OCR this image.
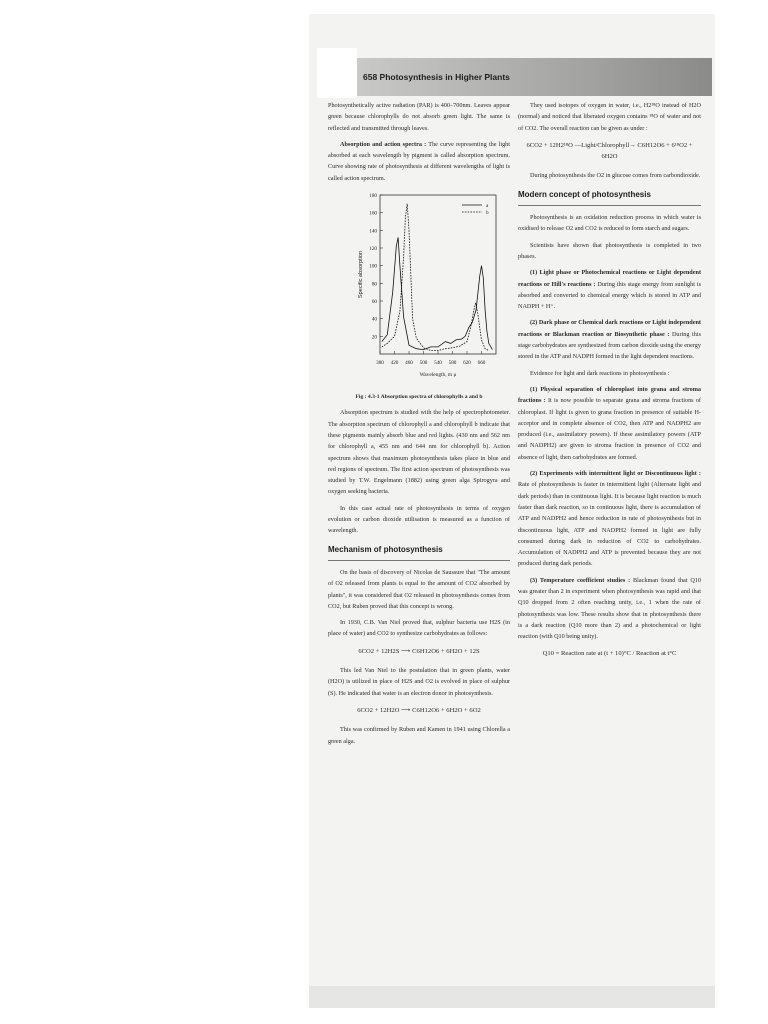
658 Photosynthesis in Higher Plants

Photosynthetically active radiation (PAR) is 400–700nm. Leaves appear green because chlorophylls do not absorb green light. The same is reflected and transmitted through leaves.

Absorption and action spectra : The curve representing the light absorbed at each wavelength by pigment is called absorption spectrum. Curve showing rate of photosynthesis at different wavelengths of light is called action spectrum.

20
40
60
80
100
120
140
160
180
380 420 460 500 540 580 620 660
Wavelength, m μ
Specific absorption
a
b
Fig : 4.3-1 Absorption spectra of chlorophylls a and b

Absorption spectrum is studied with the help of spectrophotometer. The absorption spectrum of chlorophyll a and chlorophyll b indicate that these pigments mainly absorb blue and red lights. (430 nm and 562 nm for chlorophyll a, 455 nm and 644 nm for chlorophyll b). Action spectrum shows that maximum photosynthesis takes place in blue and red regions of spectrum. The first action spectrum of photosynthesis was studied by T.W. Engelmann (1882) using green alga Spirogyra and oxygen seeking bacteria.

In this case actual rate of photosynthesis in terms of oxygen evolution or carbon dioxide utilisation is measured as a function of wavelength.

Mechanism of photosynthesis

On the basis of discovery of Nicolas de Saussure that "The amount of O2 released from plants is equal to the amount of CO2 absorbed by plants", it was considered that O2 released in photosynthesis comes from CO2, but Ruben proved that this concept is wrong.

In 1930, C.B. Van Niel proved that, sulphur bacteria use H2S (in place of water) and CO2 to synthesize carbohydrates as follows:

6CO2 + 12H2S ⟶ C6H12O6 + 6H2O + 12S

This led Van Niel to the postulation that in green plants, water (H2O) is utilized in place of H2S and O2 is evolved in place of sulphur (S). He indicated that water is an electron donor in photosynthesis.

6CO2 + 12H2O ⟶ C6H12O6 + 6H2O + 6O2

This was confirmed by Ruben and Kamen in 1941 using Chlorella a green alga.

They used isotopes of oxygen in water, i.e., H2¹⁸O instead of H2O (normal) and noticed that liberated oxygen contains ¹⁸O of water and not of CO2. The overall reaction can be given as under :

6CO2 + 12H2¹⁸O —Light/Chlorophyll→ C6H12O6 + 6¹⁸O2 + 6H2O

During photosynthesis the O2 in glucose comes from carbondioxide.

Modern concept of photosynthesis

Photosynthesis is an oxidation reduction process in which water is oxidised to release O2 and CO2 is reduced to form starch and sugars.

Scientists have shown that photosynthesis is completed in two phases.

(1) Light phase or Photochemical reactions or Light dependent reactions or Hill's reactions : During this stage energy from sunlight is absorbed and converted to chemical energy which is stored in ATP and NADPH + H⁺.

(2) Dark phase or Chemical dark reactions or Light independent reactions or Blackman reaction or Biosynthetic phase : During this stage carbohydrates are synthesized from carbon dioxide using the energy stored in the ATP and NADPH formed in the light dependent reactions.

Evidence for light and dark reactions in photosynthesis :

(1) Physical separation of chloroplast into grana and stroma fractions : It is now possible to separate grana and stroma fractions of chloroplast. If light is given to grana fraction in presence of suitable H-acceptor and in complete absence of CO2, then ATP and NADPH2 are produced (i.e., assimilatory powers). If these assimilatory powers (ATP and NADPH2) are given to stroma fraction in presence of CO2 and absence of light, then carbohydrates are formed.

(2) Experiments with intermittent light or Discontinuous light : Rate of photosynthesis is faster in intermittent light (Alternate light and dark periods) than in continuous light. It is because light reaction is much faster than dark reaction, so in continuous light, there is accumulation of ATP and NADPH2 and hence reduction in rate of photosynthesis but in discontinuous light, ATP and NADPH2 formed in light are fully consumed during dark in reduction of CO2 to carbohydrates. Accumulation of NADPH2 and ATP is prevented because they are not produced during dark periods.

(3) Temperature coefficient studies : Blackman found that Q10 was greater than 2 in experiment when photosynthesis was rapid and that Q10 dropped from 2 often reaching unity, i.e., 1 when the rate of photosynthesis was low. These results show that in photosynthesis there is a dark reaction (Q10 more than 2) and a photochemical or light reaction (with Q10 being unity).

Q10 = Reaction rate at (t + 10)°C / Reaction at t°C
